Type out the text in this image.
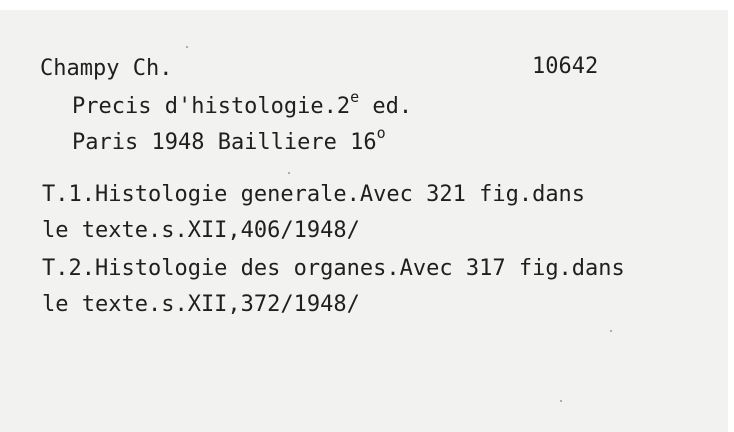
Champy Ch.	10642
Precis d'histologie.2e ed.
Paris 1948 Bailliere 16$^o$
T.1.Histologie generale.Avec 321 fig.dans
le texte.s.XII,406/1948/
T.2.Histologie des organes.Avec 317 fig.dans
le texte.s.XII,372/1948/
